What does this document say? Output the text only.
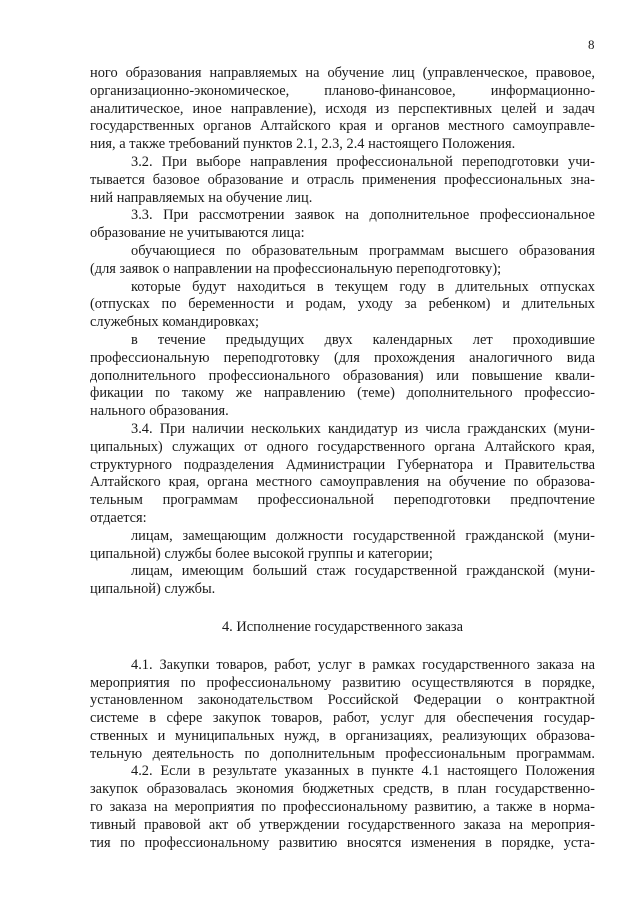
8
ного образования направляемых на обучение лиц (управленческое, правовое,
организационно-экономическое, планово-финансовое, информационно-
аналитическое, иное направление), исходя из перспективных целей и задач
государственных органов Алтайского края и органов местного самоуправле-
ния, а также требований пунктов 2.1, 2.3, 2.4 настоящего Положения.
3.2. При выборе направления профессиональной переподготовки учи-
тывается базовое образование и отрасль применения профессиональных зна-
ний направляемых на обучение лиц.
3.3. При рассмотрении заявок на дополнительное профессиональное
образование не учитываются лица:
обучающиеся по образовательным программам высшего образования
(для заявок о направлении на профессиональную переподготовку);
которые будут находиться в текущем году в длительных отпусках
(отпусках по беременности и родам, уходу за ребенком) и длительных
служебных командировках;
в течение предыдущих двух календарных лет проходившие
профессиональную переподготовку (для прохождения аналогичного вида
дополнительного профессионального образования) или повышение квали-
фикации по такому же направлению (теме) дополнительного профессио-
нального образования.
3.4. При наличии нескольких кандидатур из числа гражданских (муни-
ципальных) служащих от одного государственного органа Алтайского края,
структурного подразделения Администрации Губернатора и Правительства
Алтайского края, органа местного самоуправления на обучение по образова-
тельным программам профессиональной переподготовки предпочтение
отдается:
лицам, замещающим должности государственной гражданской (муни-
ципальной) службы более высокой группы и категории;
лицам, имеющим больший стаж государственной гражданской (муни-
ципальной) службы.
4. Исполнение государственного заказа
4.1. Закупки товаров, работ, услуг в рамках государственного заказа на
мероприятия по профессиональному развитию осуществляются в порядке,
установленном законодательством Российской Федерации о контрактной
системе в сфере закупок товаров, работ, услуг для обеспечения государ-
ственных и муниципальных нужд, в организациях, реализующих образова-
тельную деятельность по дополнительным профессиональным программам.
4.2. Если в результате указанных в пункте 4.1 настоящего Положения
закупок образовалась экономия бюджетных средств, в план государственно-
го заказа на мероприятия по профессиональному развитию, а также в норма-
тивный правовой акт об утверждении государственного заказа на мероприя-
тия по профессиональному развитию вносятся изменения в порядке, уста-
